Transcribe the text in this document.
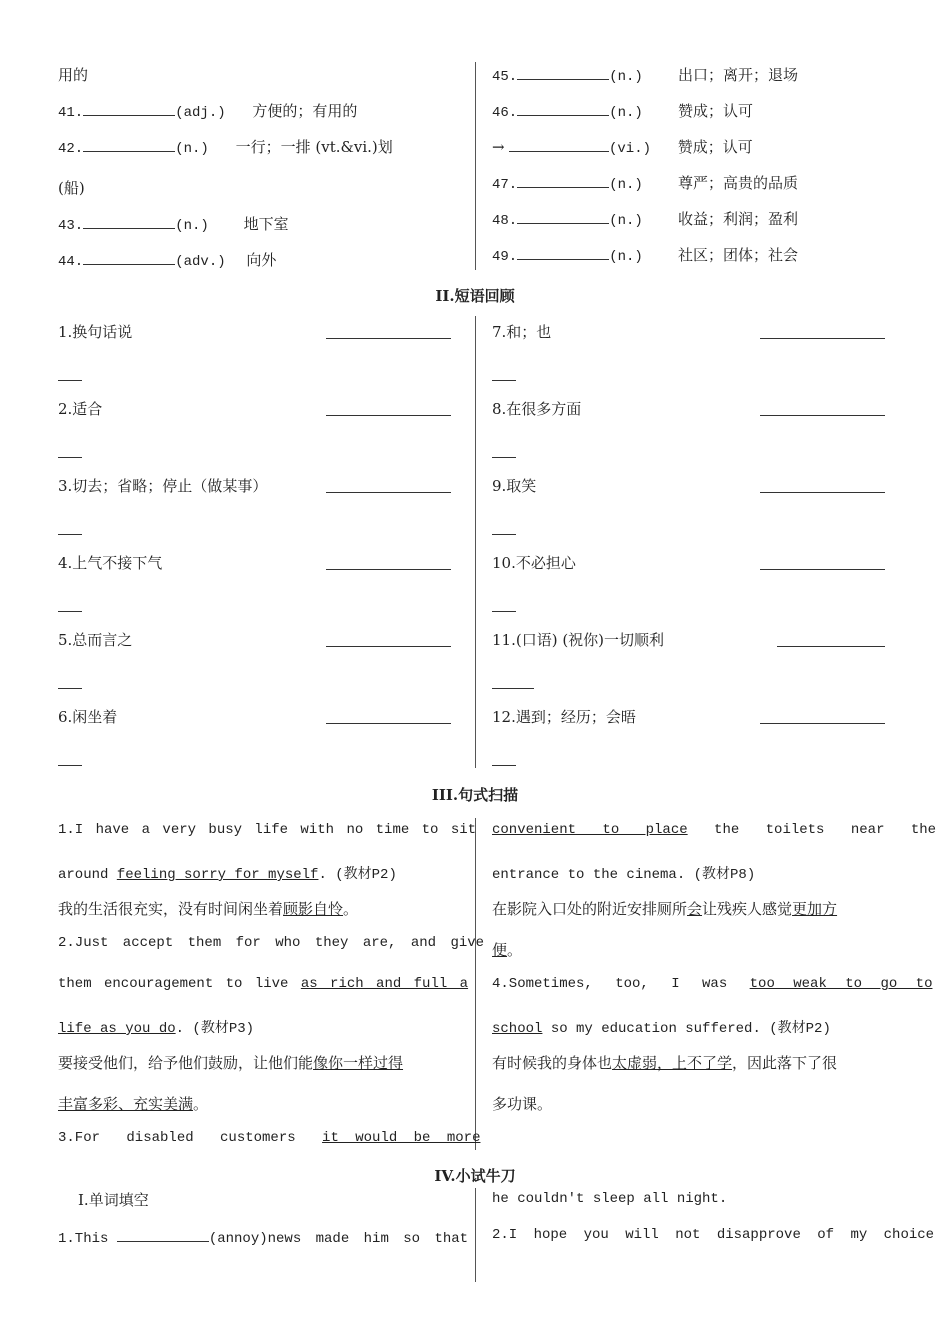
用的
41.	(adj.) 方便的；有用的
42.	(n.) 一行；一排 (vt.&vi.)划
(船)
43.	(n.) 地下室
44.	(adv.) 向外
45.	(n.) 出口；离开；退场
46.	(n.) 赞成；认可
→	(vi.) 赞成；认可
47.	(n.) 尊严；高贵的品质
48.	(n.) 收益；利润；盈利
49.	(n.) 社区；团体；社会
II.短语回顾
1.换句话说
2.适合
3.切去；省略；停止（做某事）
4.上气不接下气
5.总而言之
6.闲坐着
7.和；也
8.在很多方面
9.取笑
10.不必担心
11.(口语) (祝你)一切顺利
12.遇到；经历；会晤
III.句式扫描
1.I have a very busy life with no time to sit
around feeling sorry for myself. (教材P2)
我的生活很充实，没有时间闲坐着顾影自怜。
2.Just accept them for who they are, and give
them encouragement to live as rich and full a
life as you do. (教材P3)
要接受他们，给予他们鼓励，让他们能像你一样过得
丰富多彩、充实美满。
3.For disabled customers it would be more
convenient to place the toilets near the
entrance to the cinema. (教材P8)
在影院入口处的附近安排厕所会让残疾人感觉更加方
便。
4.Sometimes, too, I was too weak to go to
school so my education suffered. (教材P2)
有时候我的身体也太虚弱，上不了学，因此落下了很
多功课。
IV.小试牛刀
Ⅰ.单词填空
1.This	(annoy)news made him so that
he couldn't sleep all night.
2.I hope you will not disapprove of my choice
